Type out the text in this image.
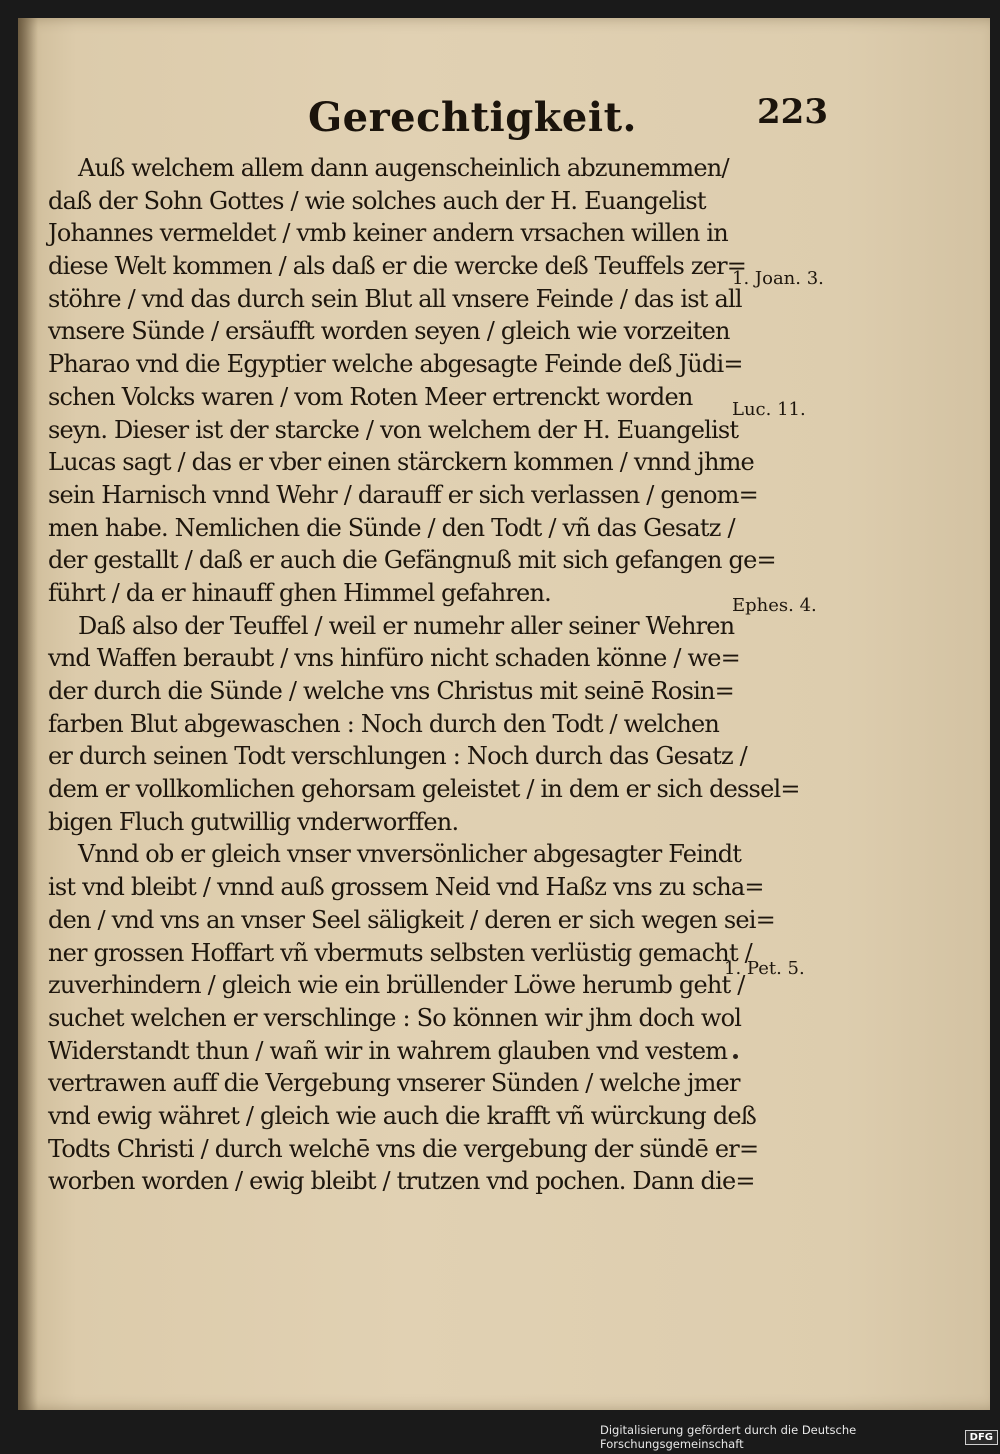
Gerechtigkeit.	223
Auß welchem allem dann augenscheinlich abzunemmen/
daß der Sohn Gottes / wie solches auch der H. Euangelist
Johannes vermeldet / vmb keiner andern vrsachen willen in
diese Welt kommen / als daß er die wercke deß Teuffels zer=
stöhre / vnd das durch sein Blut all vnsere Feinde / das ist all
vnsere Sünde / ersäufft worden seyen / gleich wie vorzeiten
Pharao vnd die Egyptier welche abgesagte Feinde deß Jüdi=
schen Volcks waren / vom Roten Meer ertrenckt worden
seyn. Dieser ist der starcke / von welchem der H. Euangelist
Lucas sagt / das er vber einen stärckern kommen / vnnd jhme
sein Harnisch vnnd Wehr / darauff er sich verlassen / genom=
men habe. Nemlichen die Sünde / den Todt / vñ das Gesatz /
der gestallt / daß er auch die Gefängnuß mit sich gefangen ge=
führt / da er hinauff ghen Himmel gefahren.
Daß also der Teuffel / weil er numehr aller seiner Wehren
vnd Waffen beraubt / vns hinfüro nicht schaden könne / we=
der durch die Sünde / welche vns Christus mit seinē Rosin=
farben Blut abgewaschen : Noch durch den Todt / welchen
er durch seinen Todt verschlungen : Noch durch das Gesatz /
dem er vollkomlichen gehorsam geleistet / in dem er sich dessel=
bigen Fluch gutwillig vnderworffen.
Vnnd ob er gleich vnser vnversönlicher abgesagter Feindt
ist vnd bleibt / vnnd auß grossem Neid vnd Haßz vns zu scha=
den / vnd vns an vnser Seel säligkeit / deren er sich wegen sei=
ner grossen Hoffart vñ vbermuts selbsten verlüstig gemacht /
zuverhindern / gleich wie ein brüllender Löwe herumb geht /
suchet welchen er verschlinge : So können wir jhm doch wol
Widerstandt thun / wañ wir in wahrem glauben vnd vestem
vertrawen auff die Vergebung vnserer Sünden / welche jmer
vnd ewig währet / gleich wie auch die krafft vñ würckung deß
Todts Christi / durch welchē vns die vergebung der sündē er=
worben worden / ewig bleibt / trutzen vnd pochen. Dann die=
1. Joan. 3.
Luc. 11.
Ephes. 4.
1. Pet. 5.
Digitalisierung gefördert durch die Deutsche Forschungsgemeinschaft	DFG
